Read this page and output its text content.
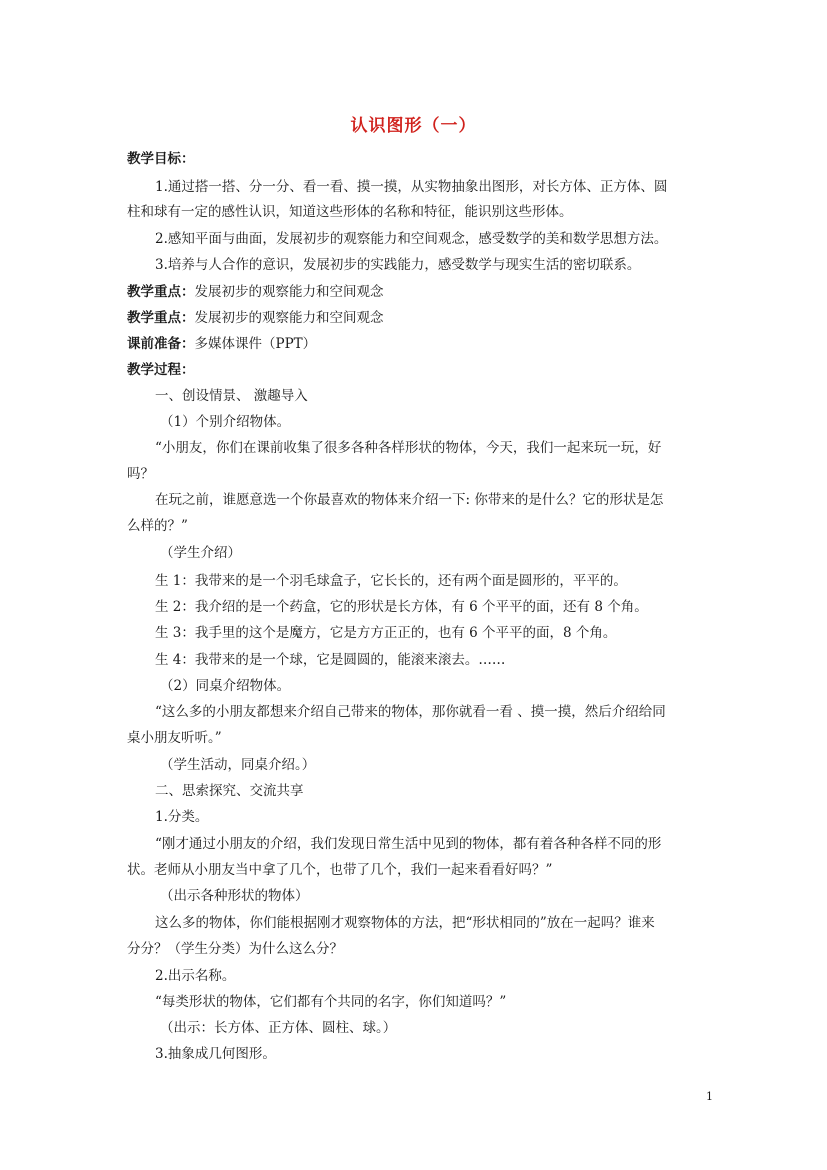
认识图形（一）
教学目标：
1.通过搭一搭、分一分、看一看、摸一摸，从实物抽象出图形，对长方体、正方体、圆
柱和球有一定的感性认识，知道这些形体的名称和特征，能识别这些形体。
2.感知平面与曲面，发展初步的观察能力和空间观念，感受数学的美和数学思想方法。
3.培养与人合作的意识，发展初步的实践能力，感受数学与现实生活的密切联系。
教学重点：发展初步的观察能力和空间观念
教学重点：发展初步的观察能力和空间观念
课前准备：多媒体课件（PPT）
教学过程：
一、创设情景、 激趣导入
（1）个别介绍物体。
“小朋友，你们在课前收集了很多各种各样形状的物体，今天，我们一起来玩一玩，好
吗？
在玩之前，谁愿意选一个你最喜欢的物体来介绍一下: 你带来的是什么？它的形状是怎
么样的？”
（学生介绍）
生 1：我带来的是一个羽毛球盒子，它长长的，还有两个面是圆形的，平平的。
生 2：我介绍的是一个药盒，它的形状是长方体，有 6 个平平的面，还有 8 个角。
生 3：我手里的这个是魔方，它是方方正正的，也有 6 个平平的面，8 个角。
生 4：我带来的是一个球，它是圆圆的，能滚来滚去。……
（2）同桌介绍物体。
“这么多的小朋友都想来介绍自己带来的物体，那你就看一看 、摸一摸，然后介绍给同
桌小朋友听听。”
（学生活动，同桌介绍。）
二、思索探究、交流共享
1.分类。
“刚才通过小朋友的介绍，我们发现日常生活中见到的物体，都有着各种各样不同的形
状。老师从小朋友当中拿了几个，也带了几个，我们一起来看看好吗？”
（出示各种形状的物体）
这么多的物体，你们能根据刚才观察物体的方法，把“形状相同的”放在一起吗？谁来
分分？（学生分类）为什么这么分？
2.出示名称。
“每类形状的物体，它们都有个共同的名字，你们知道吗？”
（出示：长方体、正方体、圆柱、球。）
3.抽象成几何图形。
1
